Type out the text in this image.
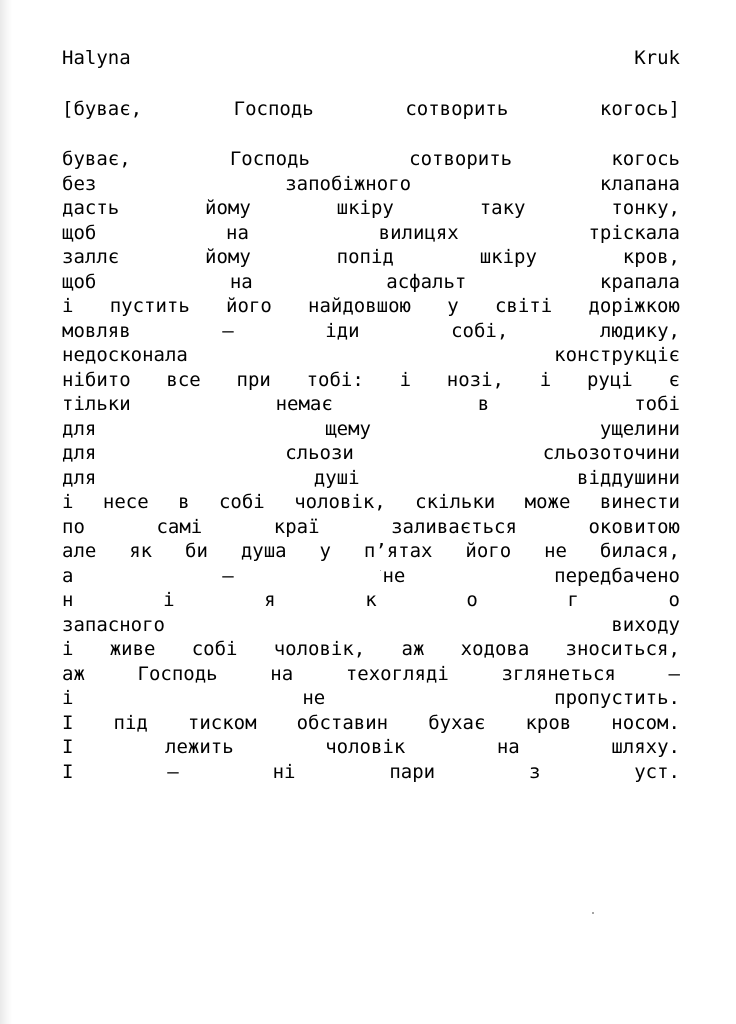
Halyna	Kruk
[буває,	Господь	сотворить	когось]
буває,	Господь	сотворить	когось
без	запобіжного	клапана
дасть	йому	шкіру	таку	тонку,
щоб	на	вилицях	тріскала
заллє	йому	попід	шкіру	кров,
щоб	на	асфальт	крапала
і пустить його найдовшою у світі доріжкою
мовляв	–	іди	собі,	людику,
недосконала	конструкціє
нібито все при тобі: і нозі, і руці є
тільки	немає	в	тобі
для	щему	ущелини
для	сльози	сльозоточини
для	душі	віддушини
і несе в собі чоловік, скільки може винести
по	самі	краї	заливається	оковитою
але як би душа у п’ятах його не билася,
а	–	не	передбачено
н	і	я	к	о	г	о
запасного	виходу
і живе собі чоловік, аж ходова зноситься,
аж	Господь	на	техогляді	зглянеться	–
і	не	пропустить.
І під тиском обставин бухає кров носом.
І	лежить	чоловік	на	шляху.
І	–	ні	пари	з	уст.
